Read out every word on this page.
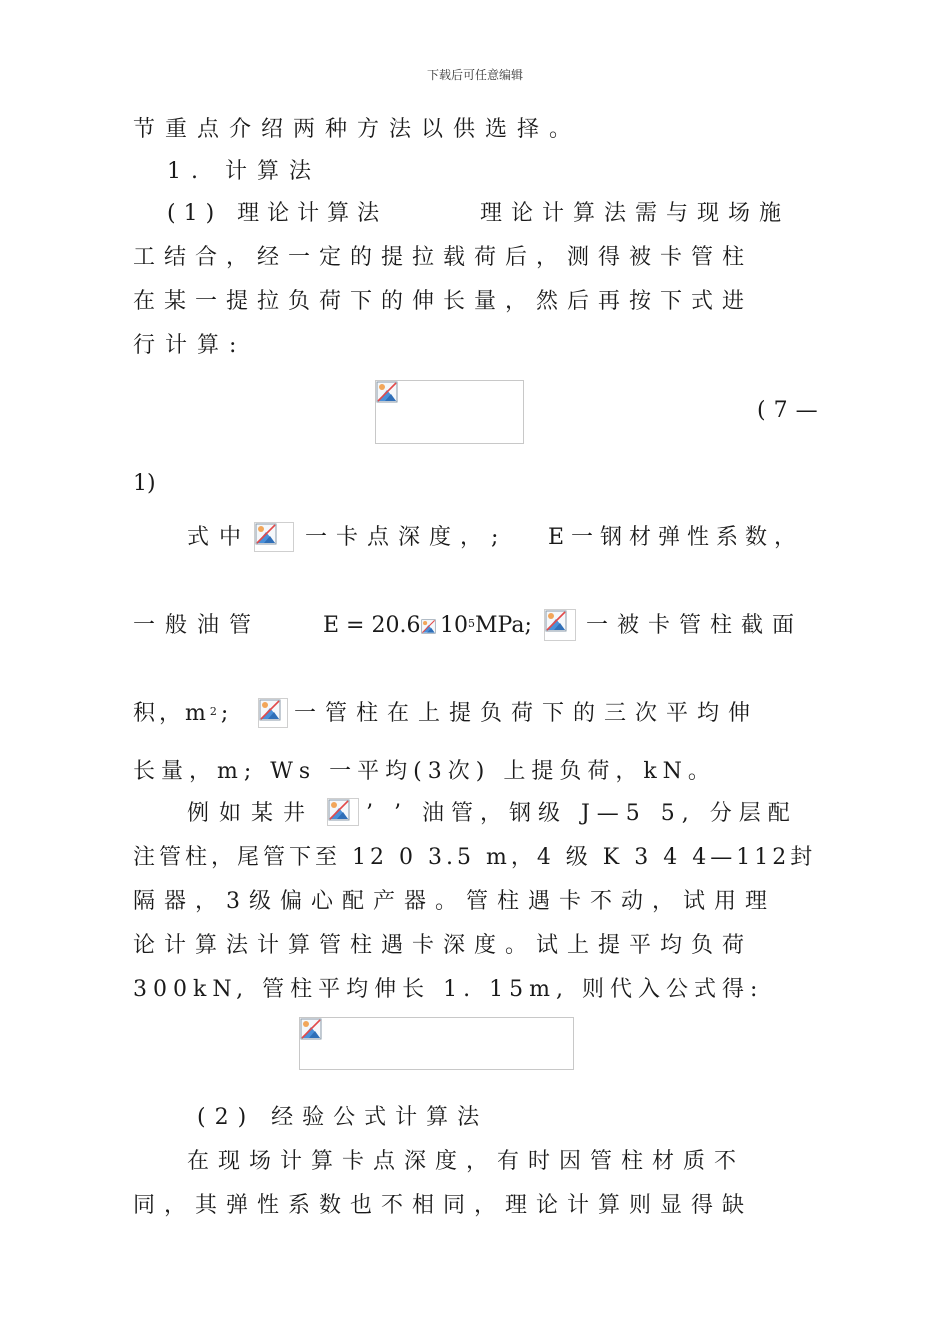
下载后可任意编辑
节重点介绍两种方法以供选择。
1. 计算法
(1) 理论计算法	理论计算法需与现场施
工结合，经一定的提拉载荷后，测得被卡管柱
在某一提拉负荷下的伸长量，然后再按下式进
行计算:
(7—
1)
式中 一卡点深度，; E一钢材弹性系数，
一般油管	E = 20.6 $10^5MPa$; 一被卡管柱截面
积，$m^2$;	一管柱在上提负荷下的三次平均伸
长量，m; Ws 一平均(3次) 上提负荷，kN。
例如某井 ’ ’ 油管，钢级 J—5 5, 分层配
注管柱，尾管下至 12 0 3.5 m，4 级 K 3 4 4—112封
隔器，3级偏心配产器。管柱遇卡不动，试用理
论计算法计算管柱遇卡深度。试上提平均负荷
300kN, 管柱平均伸长 1. 15m, 则代入公式得:
(2) 经验公式计算法
在现场计算卡点深度，有时因管柱材质不
同，其弹性系数也不相同，理论计算则显得缺
